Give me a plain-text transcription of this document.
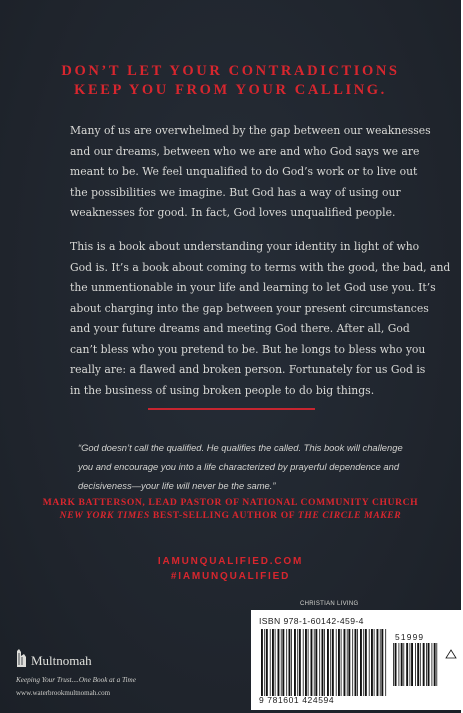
DON’T LET YOUR CONTRADICTIONS
KEEP YOU FROM YOUR CALLING.
Many of us are overwhelmed by the gap between our weaknesses
and our dreams, between who we are and who God says we are
meant to be. We feel unqualified to do God’s work or to live out
the possibilities we imagine. But God has a way of using our
weaknesses for good. In fact, God loves unqualified people.
This is a book about understanding your identity in light of who
God is. It’s a book about coming to terms with the good, the bad, and
the unmentionable in your life and learning to let God use you. It’s
about charging into the gap between your present circumstances
and your future dreams and meeting God there. After all, God
can’t bless who you pretend to be. But he longs to bless who you
really are: a flawed and broken person. Fortunately for us God is
in the business of using broken people to do big things.
“God doesn’t call the qualified. He qualifies the called. This book will challenge
you and encourage you into a life characterized by prayerful dependence and
decisiveness—your life will never be the same.”
MARK BATTERSON, LEAD PASTOR OF NATIONAL COMMUNITY CHURCH
NEW YORK TIMES BEST-SELLING AUTHOR OF THE CIRCLE MAKER
IAMUNQUALIFIED.COM
#IAMUNQUALIFIED
CHRISTIAN LIVING
ISBN 978-1-60142-459-4
51999
9 781601 424594
Multnomah
Keeping Your Trust....One Book at a Time
www.waterbrookmultnomah.com
